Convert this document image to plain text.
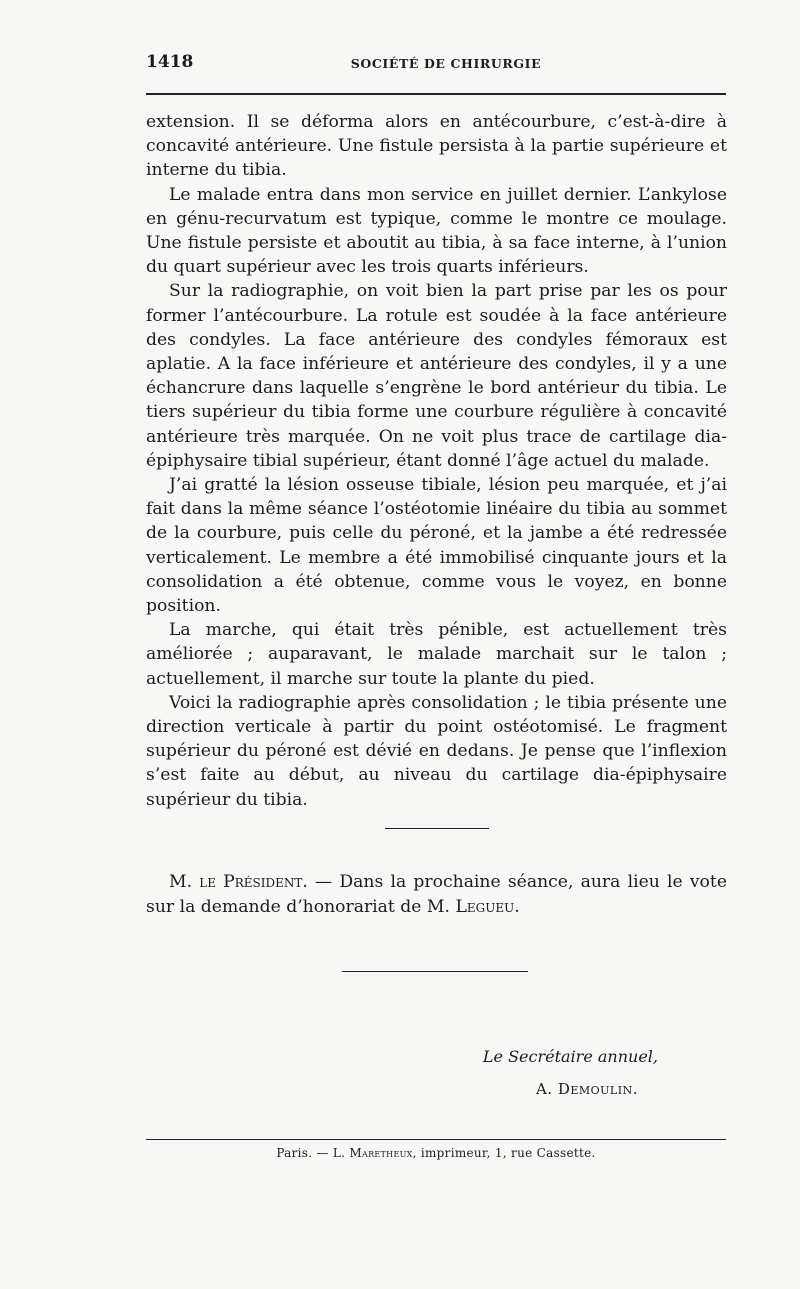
1418	SOCIÉTÉ DE CHIRURGIE

extension. Il se déforma alors en antécourbure, c’est-à-dire à concavité antérieure. Une fistule persista à la partie supérieure et interne du tibia.

Le malade entra dans mon service en juillet dernier. L’ankylose en génu-recurvatum est typique, comme le montre ce moulage. Une fistule persiste et aboutit au tibia, à sa face interne, à l’union du quart supérieur avec les trois quarts inférieurs.

Sur la radiographie, on voit bien la part prise par les os pour former l’antécourbure. La rotule est soudée à la face antérieure des condyles. La face antérieure des condyles fémoraux est aplatie. A la face inférieure et antérieure des condyles, il y a une échancrure dans laquelle s’engrène le bord antérieur du tibia. Le tiers supérieur du tibia forme une courbure régulière à concavité antérieure très marquée. On ne voit plus trace de cartilage dia-épiphysaire tibial supérieur, étant donné l’âge actuel du malade.

J’ai gratté la lésion osseuse tibiale, lésion peu marquée, et j’ai fait dans la même séance l’ostéotomie linéaire du tibia au sommet de la courbure, puis celle du péroné, et la jambe a été redressée verticalement. Le membre a été immobilisé cinquante jours et la consolidation a été obtenue, comme vous le voyez, en bonne position.

La marche, qui était très pénible, est actuellement très améliorée ; auparavant, le malade marchait sur le talon ; actuellement, il marche sur toute la plante du pied.

Voici la radiographie après consolidation ; le tibia présente une direction verticale à partir du point ostéotomisé. Le fragment supérieur du péroné est dévié en dedans. Je pense que l’inflexion s’est faite au début, au niveau du cartilage dia-épiphysaire supérieur du tibia.

M. le Président. — Dans la prochaine séance, aura lieu le vote sur la demande d’honorariat de M. Legueu.

Le Secrétaire annuel,
A. Demoulin.
Paris. — L. Maretheux, imprimeur, 1, rue Cassette.
